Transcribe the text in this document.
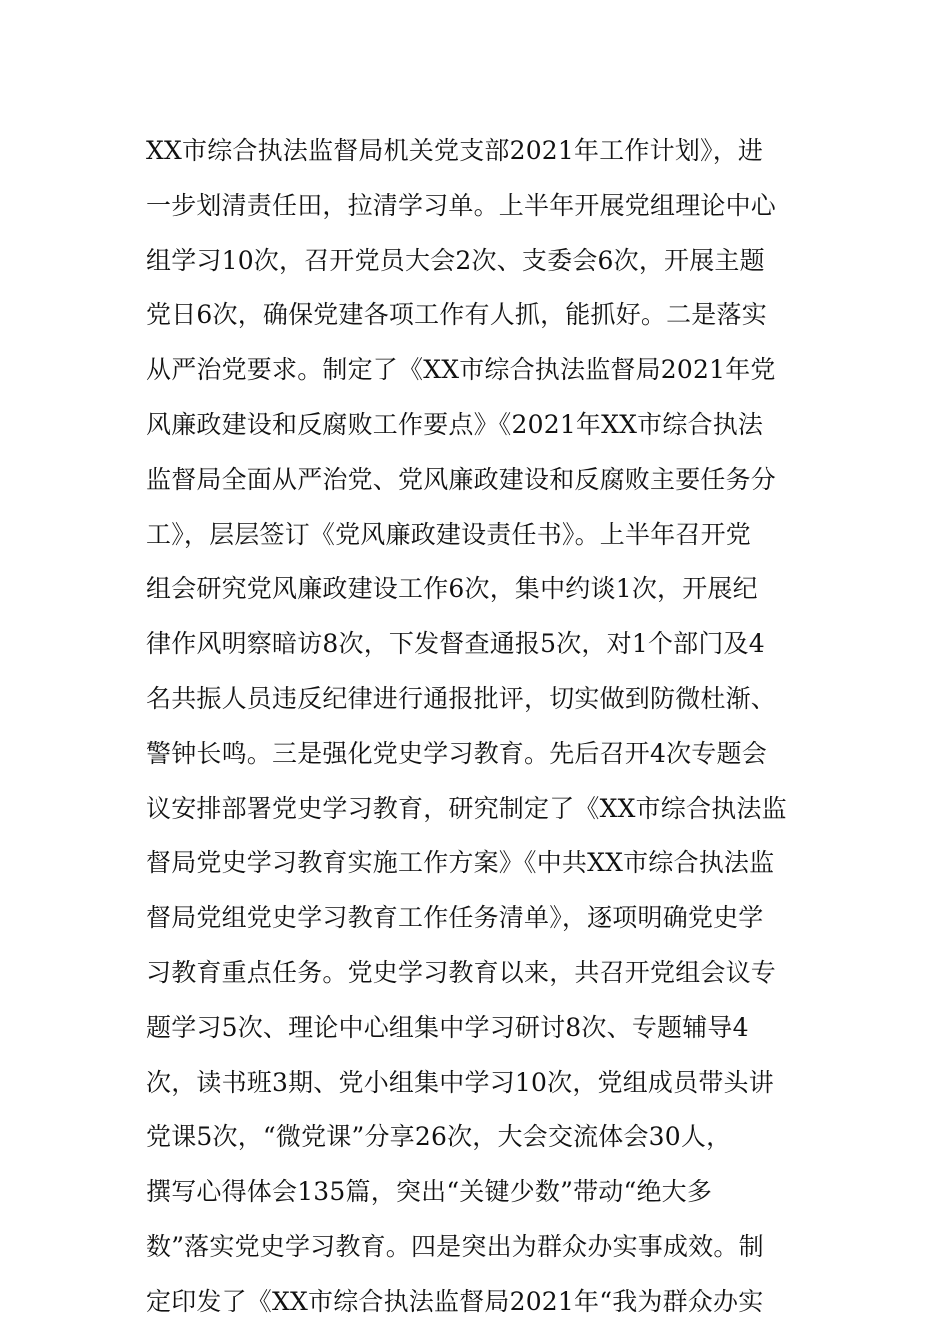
XX市综合执法监督局机关党支部2021年工作计划》，进
一步划清责任田，拉清学习单。上半年开展党组理论中心
组学习10次，召开党员大会2次、支委会6次，开展主题
党日6次，确保党建各项工作有人抓，能抓好。二是落实
从严治党要求。制定了《XX市综合执法监督局2021年党
风廉政建设和反腐败工作要点》《2021年XX市综合执法
监督局全面从严治党、党风廉政建设和反腐败主要任务分
工》，层层签订《党风廉政建设责任书》。上半年召开党
组会研究党风廉政建设工作6次，集中约谈1次，开展纪
律作风明察暗访8次，下发督查通报5次，对1个部门及4
名共振人员违反纪律进行通报批评，切实做到防微杜渐、
警钟长鸣。三是强化党史学习教育。先后召开4次专题会
议安排部署党史学习教育，研究制定了《XX市综合执法监
督局党史学习教育实施工作方案》《中共XX市综合执法监
督局党组党史学习教育工作任务清单》，逐项明确党史学
习教育重点任务。党史学习教育以来，共召开党组会议专
题学习5次、理论中心组集中学习研讨8次、专题辅导4
次，读书班3期、党小组集中学习10次，党组成员带头讲
党课5次，“微党课”分享26次，大会交流体会30人，
撰写心得体会135篇，突出“关键少数”带动“绝大多
数”落实党史学习教育。四是突出为群众办实事成效。制
定印发了《XX市综合执法监督局2021年“我为群众办实
